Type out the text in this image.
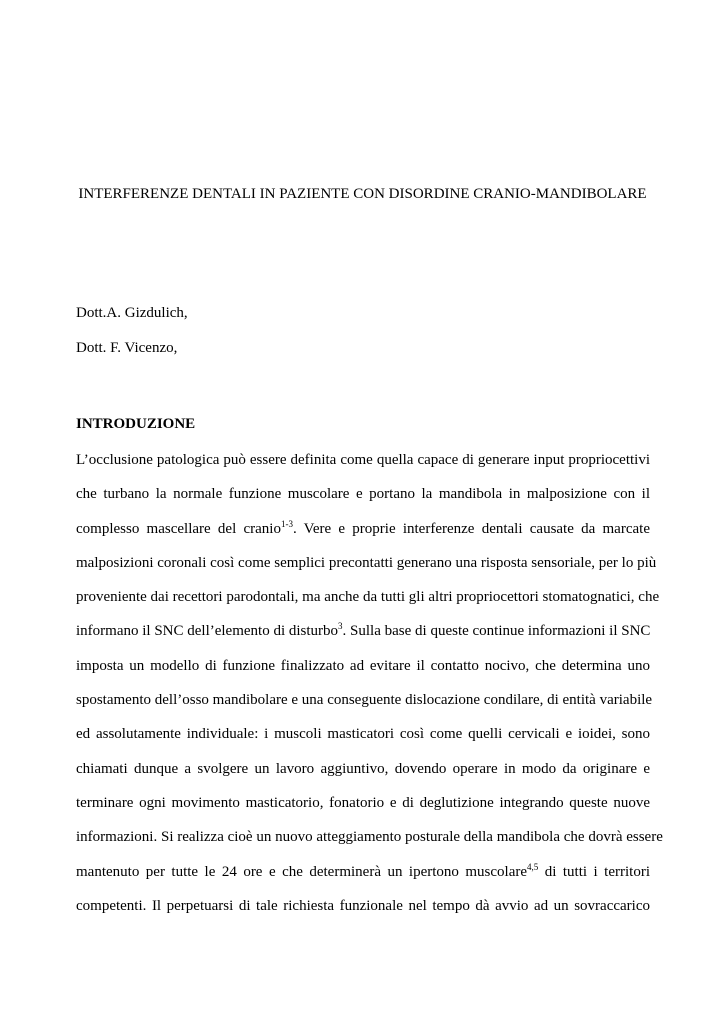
INTERFERENZE DENTALI IN PAZIENTE CON DISORDINE CRANIO-MANDIBOLARE
Dott.A. Gizdulich,
Dott. F. Vicenzo,
INTRODUZIONE
L’occlusione patologica può essere definita come quella capace di generare input propriocettivi
che turbano la normale funzione muscolare e portano la mandibola in malposizione con il
complesso mascellare del cranio$^{1-3}$. Vere e proprie interferenze dentali causate da marcate
malposizioni coronali così come semplici precontatti generano una risposta sensoriale, per lo più
proveniente dai recettori parodontali, ma anche da tutti gli altri propriocettori stomatognatici, che
informano il SNC dell’elemento di disturbo$^3$. Sulla base di queste continue informazioni il SNC
imposta un modello di funzione finalizzato ad evitare il contatto nocivo, che determina uno
spostamento dell’osso mandibolare e una conseguente dislocazione condilare, di entità variabile
ed assolutamente individuale: i muscoli masticatori così come quelli cervicali e ioidei, sono
chiamati dunque a svolgere un lavoro aggiuntivo, dovendo operare in modo da originare e
terminare ogni movimento masticatorio, fonatorio e di deglutizione integrando queste nuove
informazioni. Si realizza cioè un nuovo atteggiamento posturale della mandibola che dovrà essere
mantenuto per tutte le 24 ore e che determinerà un ipertono muscolare$^{4,5}$ di tutti i territori
competenti. Il perpetuarsi di tale richiesta funzionale nel tempo dà avvio ad un sovraccarico
